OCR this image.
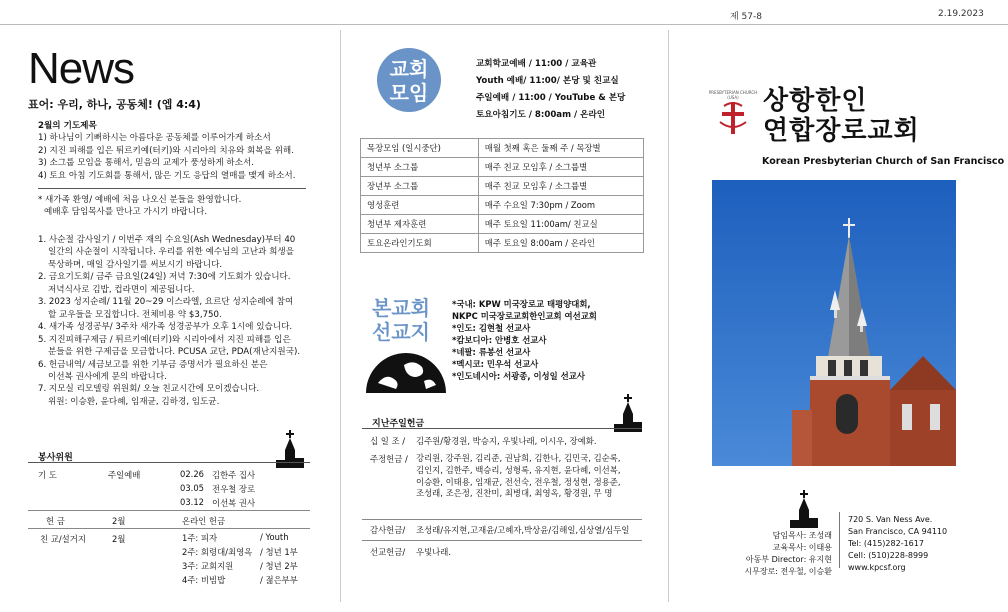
제 57-8	2.19.2023
News
표어: 우리, 하나, 공동체! (엡 4:4)

2월의 기도제목

1) 하나님이 기뻐하시는 아름다운 공동체를 이루어가게 하소서

2) 지진 피해를 입은 튀르키예(터키)와 시리아의 치유와 회복을 위해.

3) 소그룹 모임을 통해서, 믿음의 교제가 풍성하게 하소서.

4) 토요 아침 기도회를 통해서, 많은 기도 응답의 열매를 맺게 하소서.

* 새가족 환영/ 예배에 처음 나오신 분들을 환영합니다.

예배후 담임목사를 만나고 가시기 바랍니다.

1. 사순절 감사일기 / 이번주 재의 수요일(Ash Wednesday)부터 40

일간의 사순절이 시작됩니다. 우리를 위한 예수님의 고난과 희생을

묵상하며, 매일 감사일기를 써보시기 바랍니다.

2. 금요기도회/ 금주 금요일(24일) 저녁 7:30에 기도회가 있습니다.

저녁식사로 김밥, 컵라면이 제공됩니다.

3. 2023 성지순례/ 11월 20~29 이스라엘, 요르단 성지순례에 참여

할 교우들을 모집합니다. 전체비용 약 $3,750.

4. 새가족 성경공부/ 3주차 새가족 성경공부가 오후 1시에 있습니다.

5. 지진피해구제금 / 튀르키예(터키)와 시리아에서 지진 피해를 입은

분들을 위한 구제금을 모금합니다. PCUSA 교단, PDA(재난지원국).

6. 헌금내역/ 세금보고를 위한 기부금 증명서가 필요하신 분은

이선복 권사에게 문의 바랍니다.

7. 지모실 리모델링 위원회/ 오늘 친교시간에 모이겠습니다.

위원: 이승환, 윤다혜, 임재균, 김하경, 임도균.

봉사위원
기 도	주일예배	02.26	김한주 집사
		03.05	전우철 장로
		03.12	이선복 권사
헌 금	2월	온라인 헌금
친 교/설거지	2월	1주: 피자	/ Youth
2주: 회령대/최영옥	/ 청년 1부
3주: 교회지원	/ 청년 2부
4주: 비빔밥	/ 젊은부부
교회
모임
교회학교예배 / 11:00 / 교육관
Youth 예배/ 11:00/ 본당 및 친교실
주일예배 / 11:00 / YouTube & 본당
토요아침기도 / 8:00am / 온라인
목장모임 (일시중단)	매월 첫째 혹은 둘째 주 / 목장별
청년부 소그룹	매주 친교 모임후 / 소그룹별
장년부 소그룹	매주 친교 모임후 / 소그룹별
영성훈련	매주 수요일 7:30pm / Zoom
청년부 제자훈련	매주 토요일 11:00am/ 친교실
토요온라인기도회	매주 토요일 8:00am / 온라인
본교회
선교지
*국내: KPW 미국장로교 태평양대회,
NKPC 미국장로교회한인교회 여선교회
*인도: 김현철 선교사
*캄보디아: 안병호 선교사
*네팔: 류봉선 선교사
*멕시코: 민우석 선교사
*인도네시아: 서광종, 이성일 선교사
지난주일헌금
십 일 조 /	김주원/황경원, 박승지, 우빛나래, 이시우, 장예화.
주정헌금 /	강리원, 강주원, 김리준, 권남희, 김한나, 김민국, 김순록,
김인지, 김한주, 백승리, 성형록, 유지현, 윤다혜, 이선복,
이승환, 이태용, 임재균, 전선숙, 전우철, 정성현, 정용준,
조성래, 조은정, 진찬미, 최병대, 최영옥, 황경원, 무 명
감사헌금/ 조성래/유지현,고재윤/고혜자,박상윤/김해일,심상열/심두일
선교헌금/ 우빛나래.
PRESBYTERIAN CHURCH (USA) 상항한인
연합장로교회
Korean Presbyterian Church of San Francisco
담임목사: 조성래
교육목사: 이태용
아동부 Director: 유지현
시무장로: 전우철, 이승환
720 S. Van Ness Ave.
San Francisco, CA 94110
Tel: (415)282-1617
Cell: (510)228-8999
www.kpcsf.org
